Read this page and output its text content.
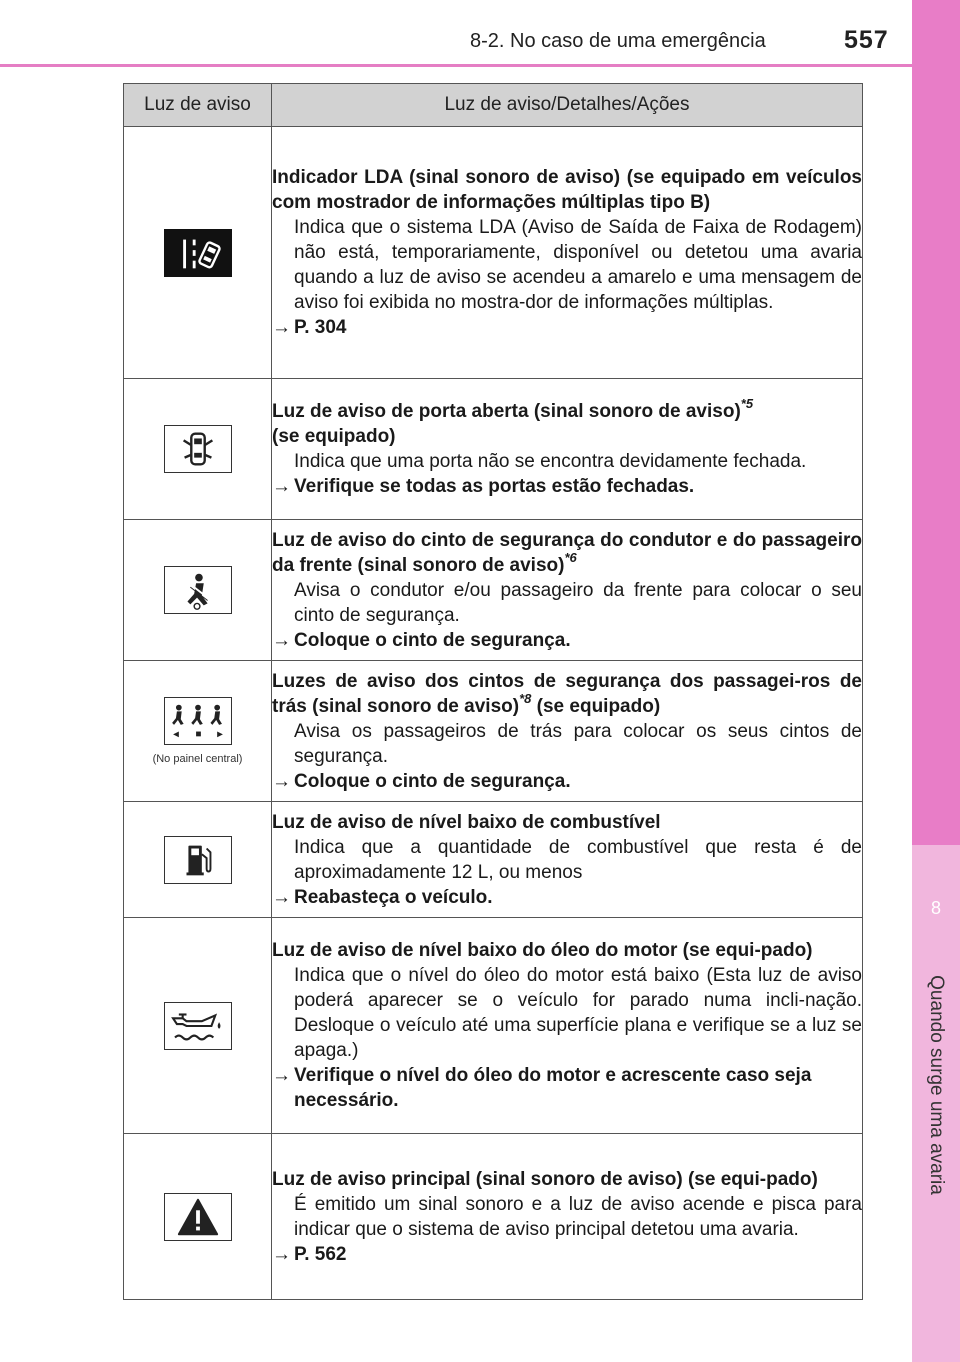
8-2. No caso de uma emergência	557
8
Quando surge uma avaria
Luz de aviso	Luz de aviso/Detalhes/Ações

Indicador LDA (sinal sonoro de aviso) (se equipado em veículos com mostrador de informações múltiplas tipo B)
Indica que o sistema LDA (Aviso de Saída de Faixa de Rodagem) não está, temporariamente, disponível ou detetou uma avaria quando a luz de aviso se acendeu a amarelo e uma mensagem de aviso foi exibida no mostra-dor de informações múltiplas.
→ P. 304

Luz de aviso de porta aberta (sinal sonoro de aviso)$^{*5}$
(se equipado)
Indica que uma porta não se encontra devidamente fechada.
→ Verifique se todas as portas estão fechadas.

Luz de aviso do cinto de segurança do condutor e do passageiro da frente (sinal sonoro de aviso)$^{*6}$
Avisa o condutor e/ou passageiro da frente para colocar o seu cinto de segurança.
→ Coloque o cinto de segurança.

(No painel central)	Luzes de aviso dos cintos de segurança dos passagei-ros de trás (sinal sonoro de aviso)$^{*8}$ (se equipado)
Avisa os passageiros de trás para colocar os seus cintos de segurança.
→ Coloque o cinto de segurança.

Luz de aviso de nível baixo de combustível
Indica que a quantidade de combustível que resta é de aproximadamente 12 L, ou menos
→ Reabasteça o veículo.

Luz de aviso de nível baixo do óleo do motor (se equi-pado)
Indica que o nível do óleo do motor está baixo (Esta luz de aviso poderá aparecer se o veículo for parado numa incli-nação. Desloque o veículo até uma superfície plana e verifique se a luz se apaga.)
→ Verifique o nível do óleo do motor e acrescente caso seja necessário.

Luz de aviso principal (sinal sonoro de aviso) (se equi-pado)
É emitido um sinal sonoro e a luz de aviso acende e pisca para indicar que o sistema de aviso principal detetou uma avaria.
→ P. 562
